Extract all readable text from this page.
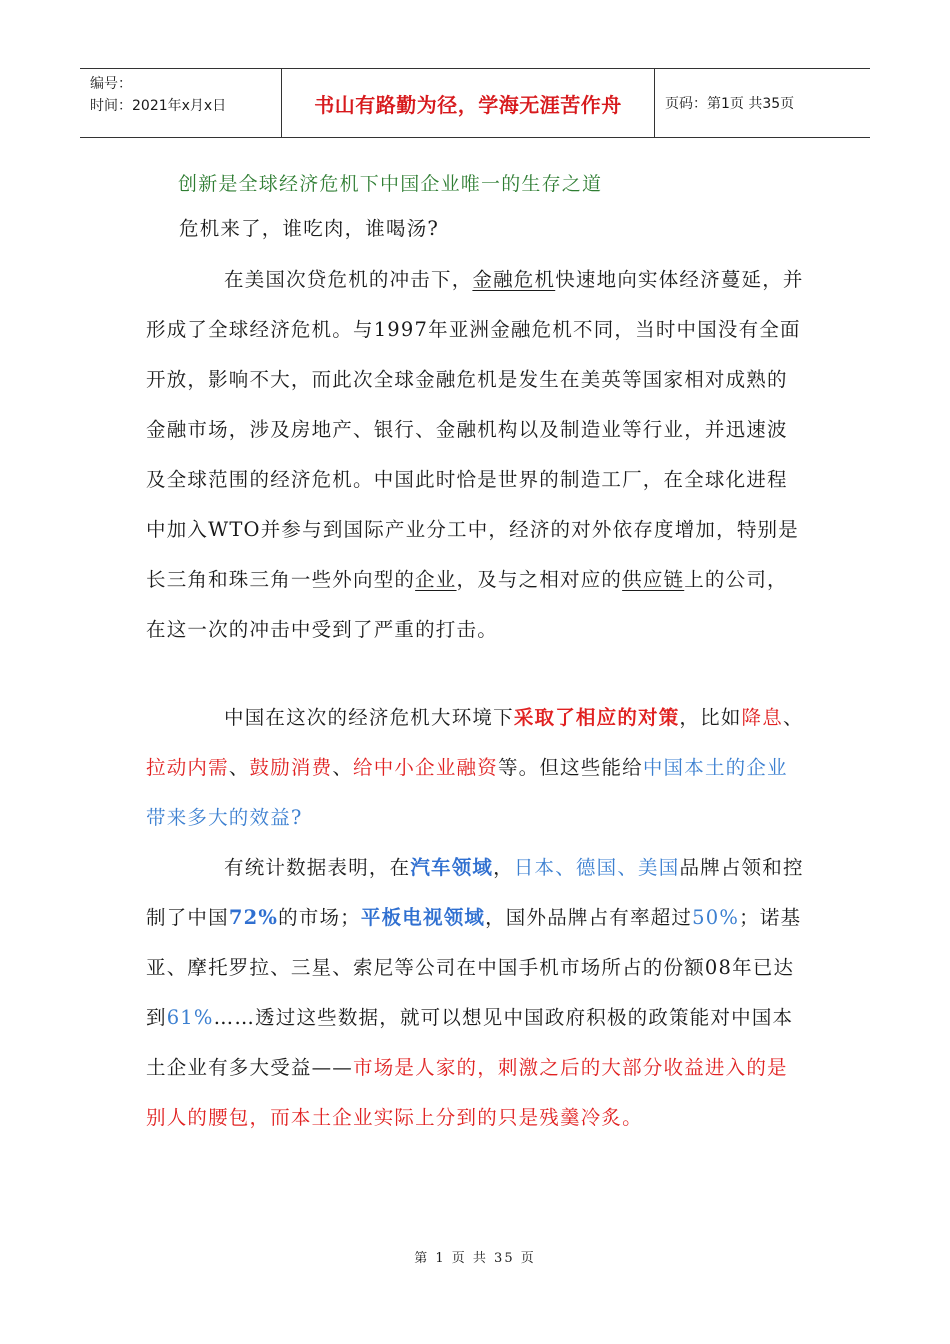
编号：
时间：2021年x月x日	书山有路勤为径，学海无涯苦作舟	页码：第1页 共35页

创新是全球经济危机下中国企业唯一的生存之道

危机来了，谁吃肉，谁喝汤?

在美国次贷危机的冲击下，金融危机快速地向实体经济蔓延，并形成了全球经济危机。与1997年亚洲金融危机不同，当时中国没有全面开放，影响不大，而此次全球金融危机是发生在美英等国家相对成熟的金融市场，涉及房地产、银行、金融机构以及制造业等行业，并迅速波及全球范围的经济危机。中国此时恰是世界的制造工厂，在全球化进程中加入WTO并参与到国际产业分工中，经济的对外依存度增加，特别是长三角和珠三角一些外向型的企业，及与之相对应的供应链上的公司，在这一次的冲击中受到了严重的打击。

中国在这次的经济危机大环境下采取了相应的对策，比如降息、拉动内需、鼓励消费、给中小企业融资等。但这些能给中国本土的企业带来多大的效益?

有统计数据表明，在汽车领域，日本、德国、美国品牌占领和控制了中国72%的市场；平板电视领域，国外品牌占有率超过50%；诺基亚、摩托罗拉、三星、索尼等公司在中国手机市场所占的份额08年已达到61%……透过这些数据，就可以想见中国政府积极的政策能对中国本土企业有多大受益——市场是人家的，刺激之后的大部分收益进入的是别人的腰包，而本土企业实际上分到的只是残羹冷炙。

第 1 页 共 35 页
